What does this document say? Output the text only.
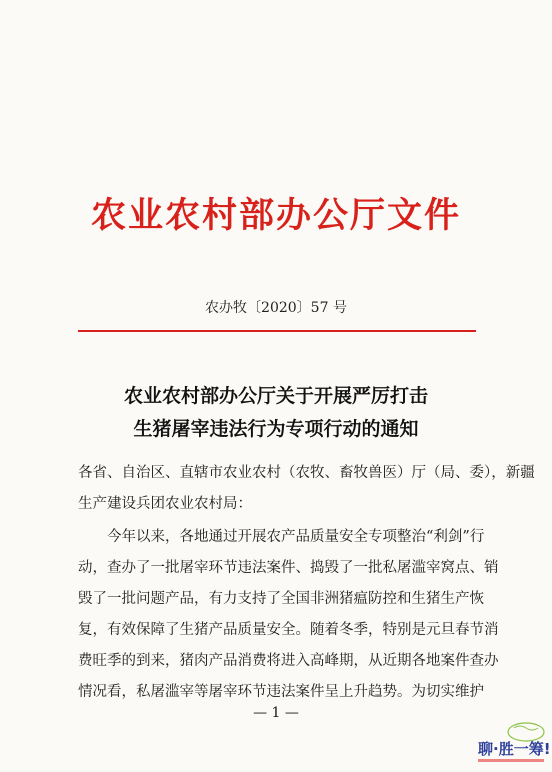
农业农村部办公厅文件
农办牧〔2020〕57 号
农业农村部办公厅关于开展严厉打击
生猪屠宰违法行为专项行动的通知
各省、自治区、直辖市农业农村（农牧、畜牧兽医）厅（局、委），新疆
生产建设兵团农业农村局：
　　今年以来，各地通过开展农产品质量安全专项整治“利剑”行
动，查办了一批屠宰环节违法案件、捣毁了一批私屠滥宰窝点、销
毁了一批问题产品，有力支持了全国非洲猪瘟防控和生猪生产恢
复，有效保障了生猪产品质量安全。随着冬季，特别是元旦春节消
费旺季的到来，猪肉产品消费将进入高峰期，从近期各地案件查办
情况看，私屠滥宰等屠宰环节违法案件呈上升趋势。为切实维护
— 1 —
聊·胜一筹!
